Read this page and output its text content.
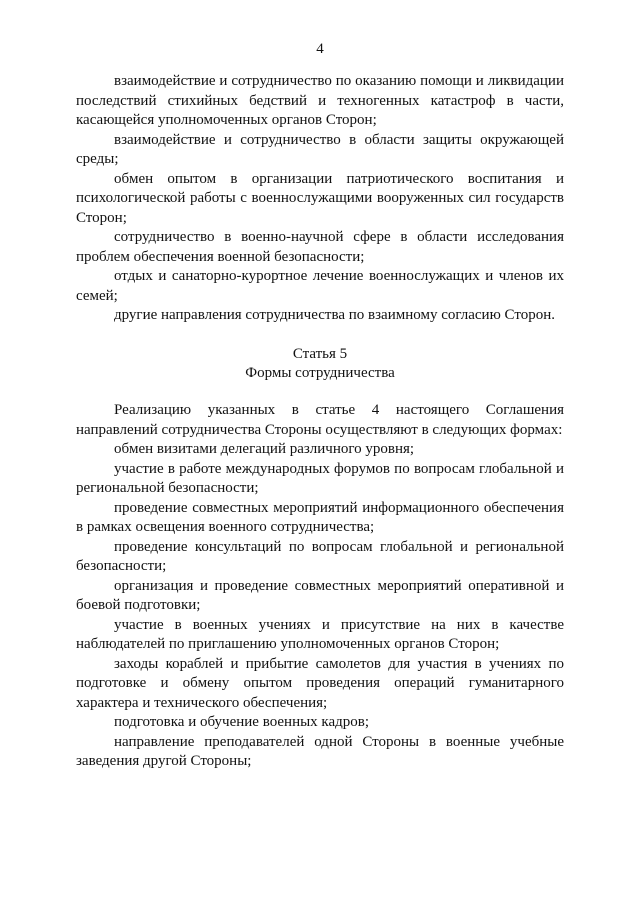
4

взаимодействие и сотрудничество по оказанию помощи и ликвидации последствий стихийных бедствий и техногенных катастроф в части, касающейся уполномоченных органов Сторон;

взаимодействие и сотрудничество в области защиты окружающей среды;

обмен опытом в организации патриотического воспитания и психологической работы с военнослужащими вооруженных сил государств Сторон;

сотрудничество в военно-научной сфере в области исследования проблем обеспечения военной безопасности;

отдых и санаторно-курортное лечение военнослужащих и членов их семей;

другие направления сотрудничества по взаимному согласию Сторон.

Статья 5
Формы сотрудничества

Реализацию указанных в статье 4 настоящего Соглашения направлений сотрудничества Стороны осуществляют в следующих формах:

обмен визитами делегаций различного уровня;

участие в работе международных форумов по вопросам глобальной и региональной безопасности;

проведение совместных мероприятий информационного обеспечения в рамках освещения военного сотрудничества;

проведение консультаций по вопросам глобальной и региональной безопасности;

организация и проведение совместных мероприятий оперативной и боевой подготовки;

участие в военных учениях и присутствие на них в качестве наблюдателей по приглашению уполномоченных органов Сторон;

заходы кораблей и прибытие самолетов для участия в учениях по подготовке и обмену опытом проведения операций гуманитарного характера и технического обеспечения;

подготовка и обучение военных кадров;

направление преподавателей одной Стороны в военные учебные заведения другой Стороны;
